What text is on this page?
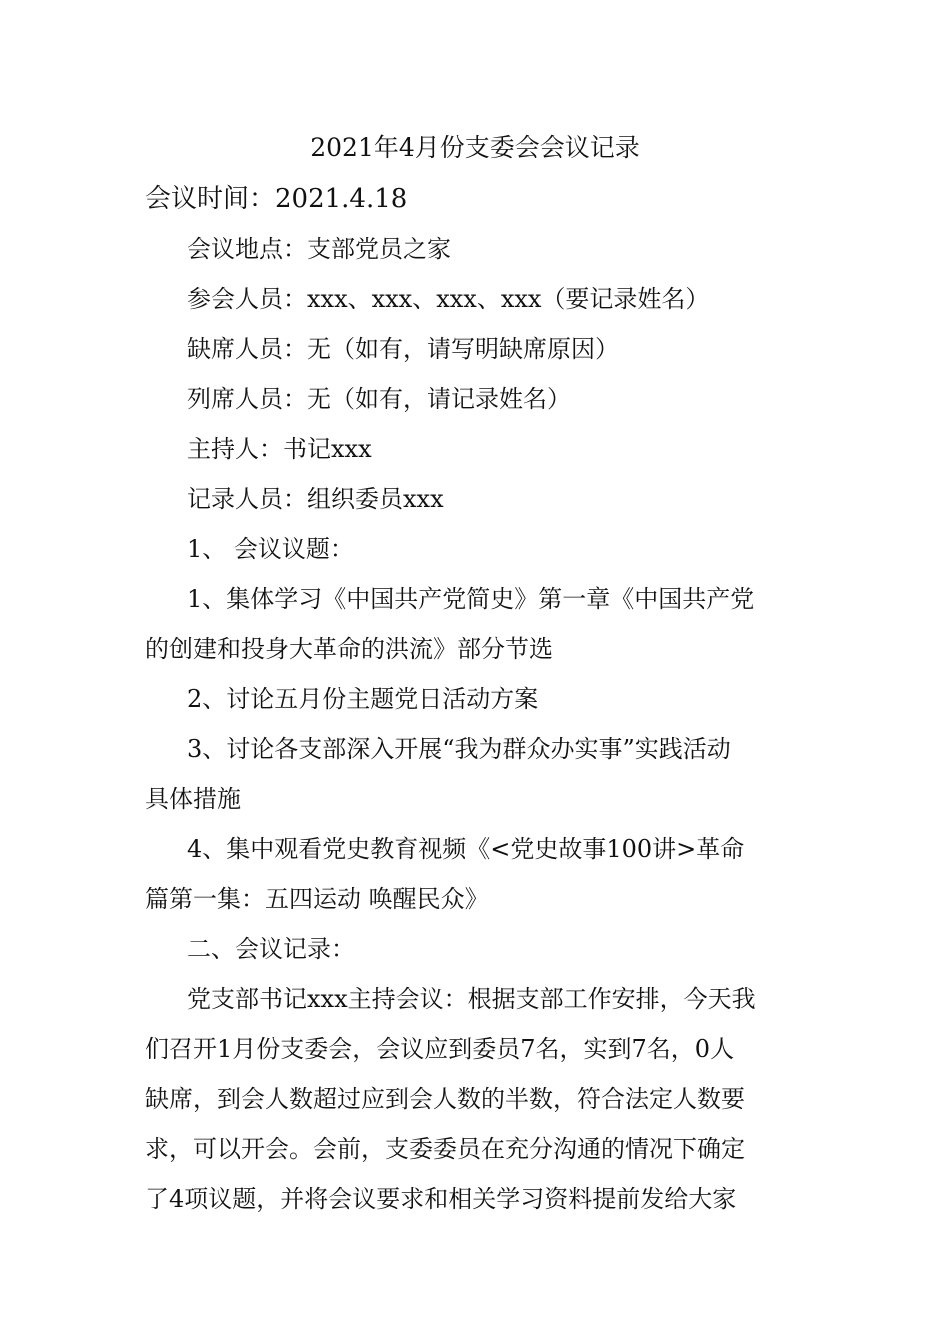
2021年4月份支委会会议记录
会议时间：2021.4.18
会议地点：支部党员之家
参会人员：xxx、xxx、xxx、xxx（要记录姓名）
缺席人员：无（如有，请写明缺席原因）
列席人员：无（如有，请记录姓名）
主持人：书记xxx
记录人员：组织委员xxx
1、 会议议题：
1、集体学习《中国共产党简史》第一章《中国共产党
的创建和投身大革命的洪流》部分节选
2、讨论五月份主题党日活动方案
3、讨论各支部深入开展“我为群众办实事”实践活动
具体措施
4、集中观看党史教育视频《<党史故事100讲>革命
篇第一集：五四运动 唤醒民众》
二、会议记录：
党支部书记xxx主持会议：根据支部工作安排，今天我
们召开1月份支委会，会议应到委员7名，实到7名，0人
缺席，到会人数超过应到会人数的半数，符合法定人数要
求，可以开会。会前，支委委员在充分沟通的情况下确定
了4项议题，并将会议要求和相关学习资料提前发给大家
